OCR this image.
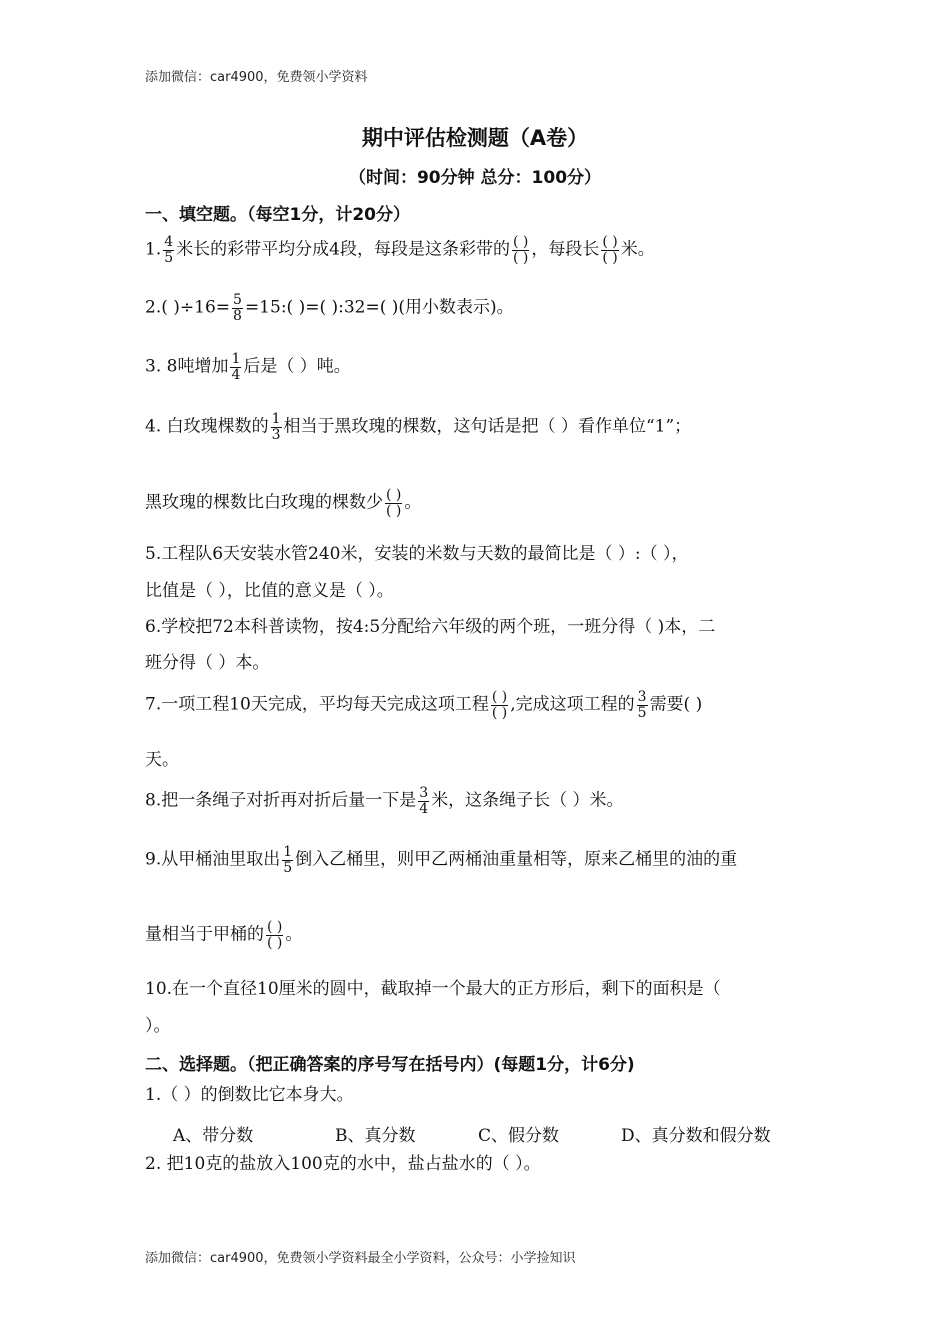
添加微信：car4900，免费领小学资料
期中评估检测题（A卷）
（时间：90分钟 总分：100分）
一、填空题。（每空1分，计20分）
1. $\frac{4}{5}$ 米长的彩带平均分成4段，每段是这条彩带的 $\frac{( )}{( )}$ ，每段长 $\frac{( )}{( )}$ 米。
2.( )$\div 16= \frac{5}{8}$ =15:( )=( ):32=( )(用小数表示)。
3. 8吨增加 $\frac{1}{4}$ 后是（ ）吨。
4. 白玫瑰棵数的 $\frac{1}{3}$ 相当于黑玫瑰的棵数，这句话是把（ ）看作单位“1”；
黑玫瑰的棵数比白玫瑰的棵数少 $\frac{( )}{( )}$ 。
5.工程队6天安装水管240米，安装的米数与天数的最简比是（ ）:（ ），
比值是（ ），比值的意义是（ ）。
6.学校把72本科普读物，按4:5分配给六年级的两个班，一班分得（ )本，二
班分得（ ）本。
7.一项工程10天完成，平均每天完成这项工程 $\frac{( )}{( )}$ ,完成这项工程的 $\frac{3}{5}$ 需要( )
天。
8.把一条绳子对折再对折后量一下是 $\frac{3}{4}$ 米，这条绳子长（ ）米。
9.从甲桶油里取出 $\frac{1}{5}$ 倒入乙桶里，则甲乙两桶油重量相等，原来乙桶里的油的重
量相当于甲桶的 $\frac{( )}{( )}$ 。
10.在一个直径10厘米的圆中，截取掉一个最大的正方形后，剩下的面积是（
）。
二、选择题。（把正确答案的序号写在括号内）(每题1分，计6分)
1.（ ）的倒数比它本身大。
A、带分数	B、真分数	C、假分数	D、真分数和假分数
2. 把10克的盐放入100克的水中，盐占盐水的（ ）。
添加微信：car4900，免费领小学资料最全小学资料，公众号：小学捡知识
